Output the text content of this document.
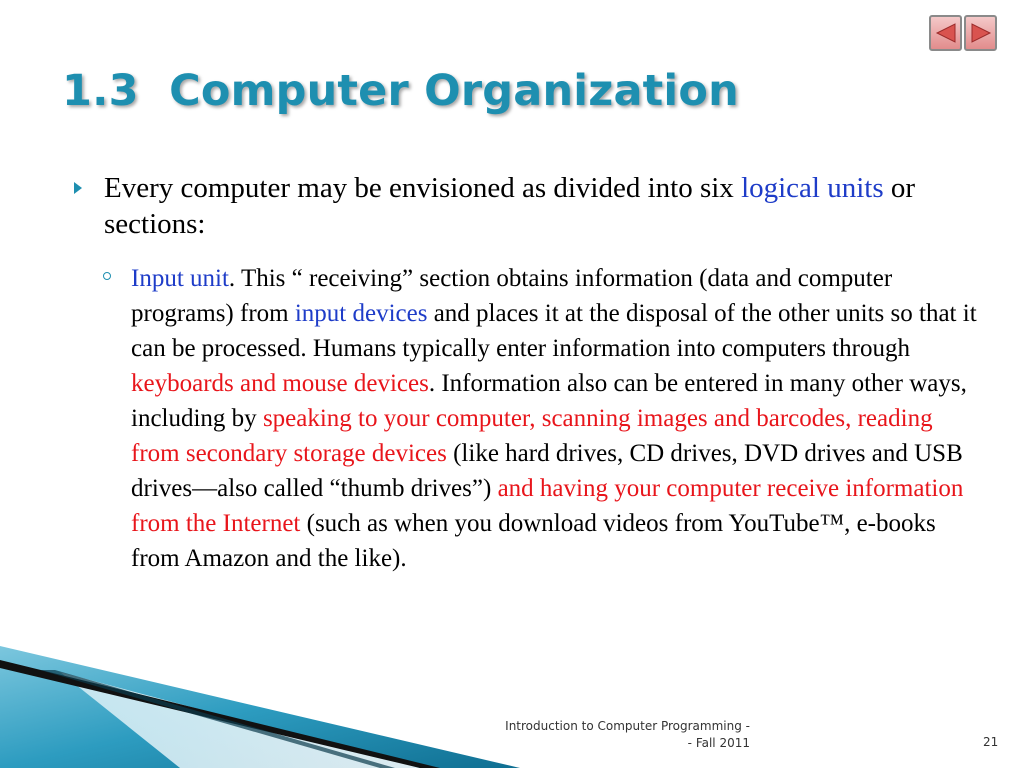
1.3 Computer Organization
Every computer may be envisioned as divided into six logical units or sections:
Input unit. This “ receiving” section obtains information (data and computer programs) from input devices and places it at the disposal of the other units so that it can be processed. Humans typically enter information into computers through keyboards and mouse devices. Information also can be entered in many other ways, including by speaking to your computer, scanning images and barcodes, reading from secondary storage devices (like hard drives, CD drives, DVD drives and USB drives—also called “thumb drives”) and having your computer receive information from the Internet (such as when you download videos from YouTube™, e-books from Amazon and the like).
Introduction to Computer Programming -
- Fall 2011	21
